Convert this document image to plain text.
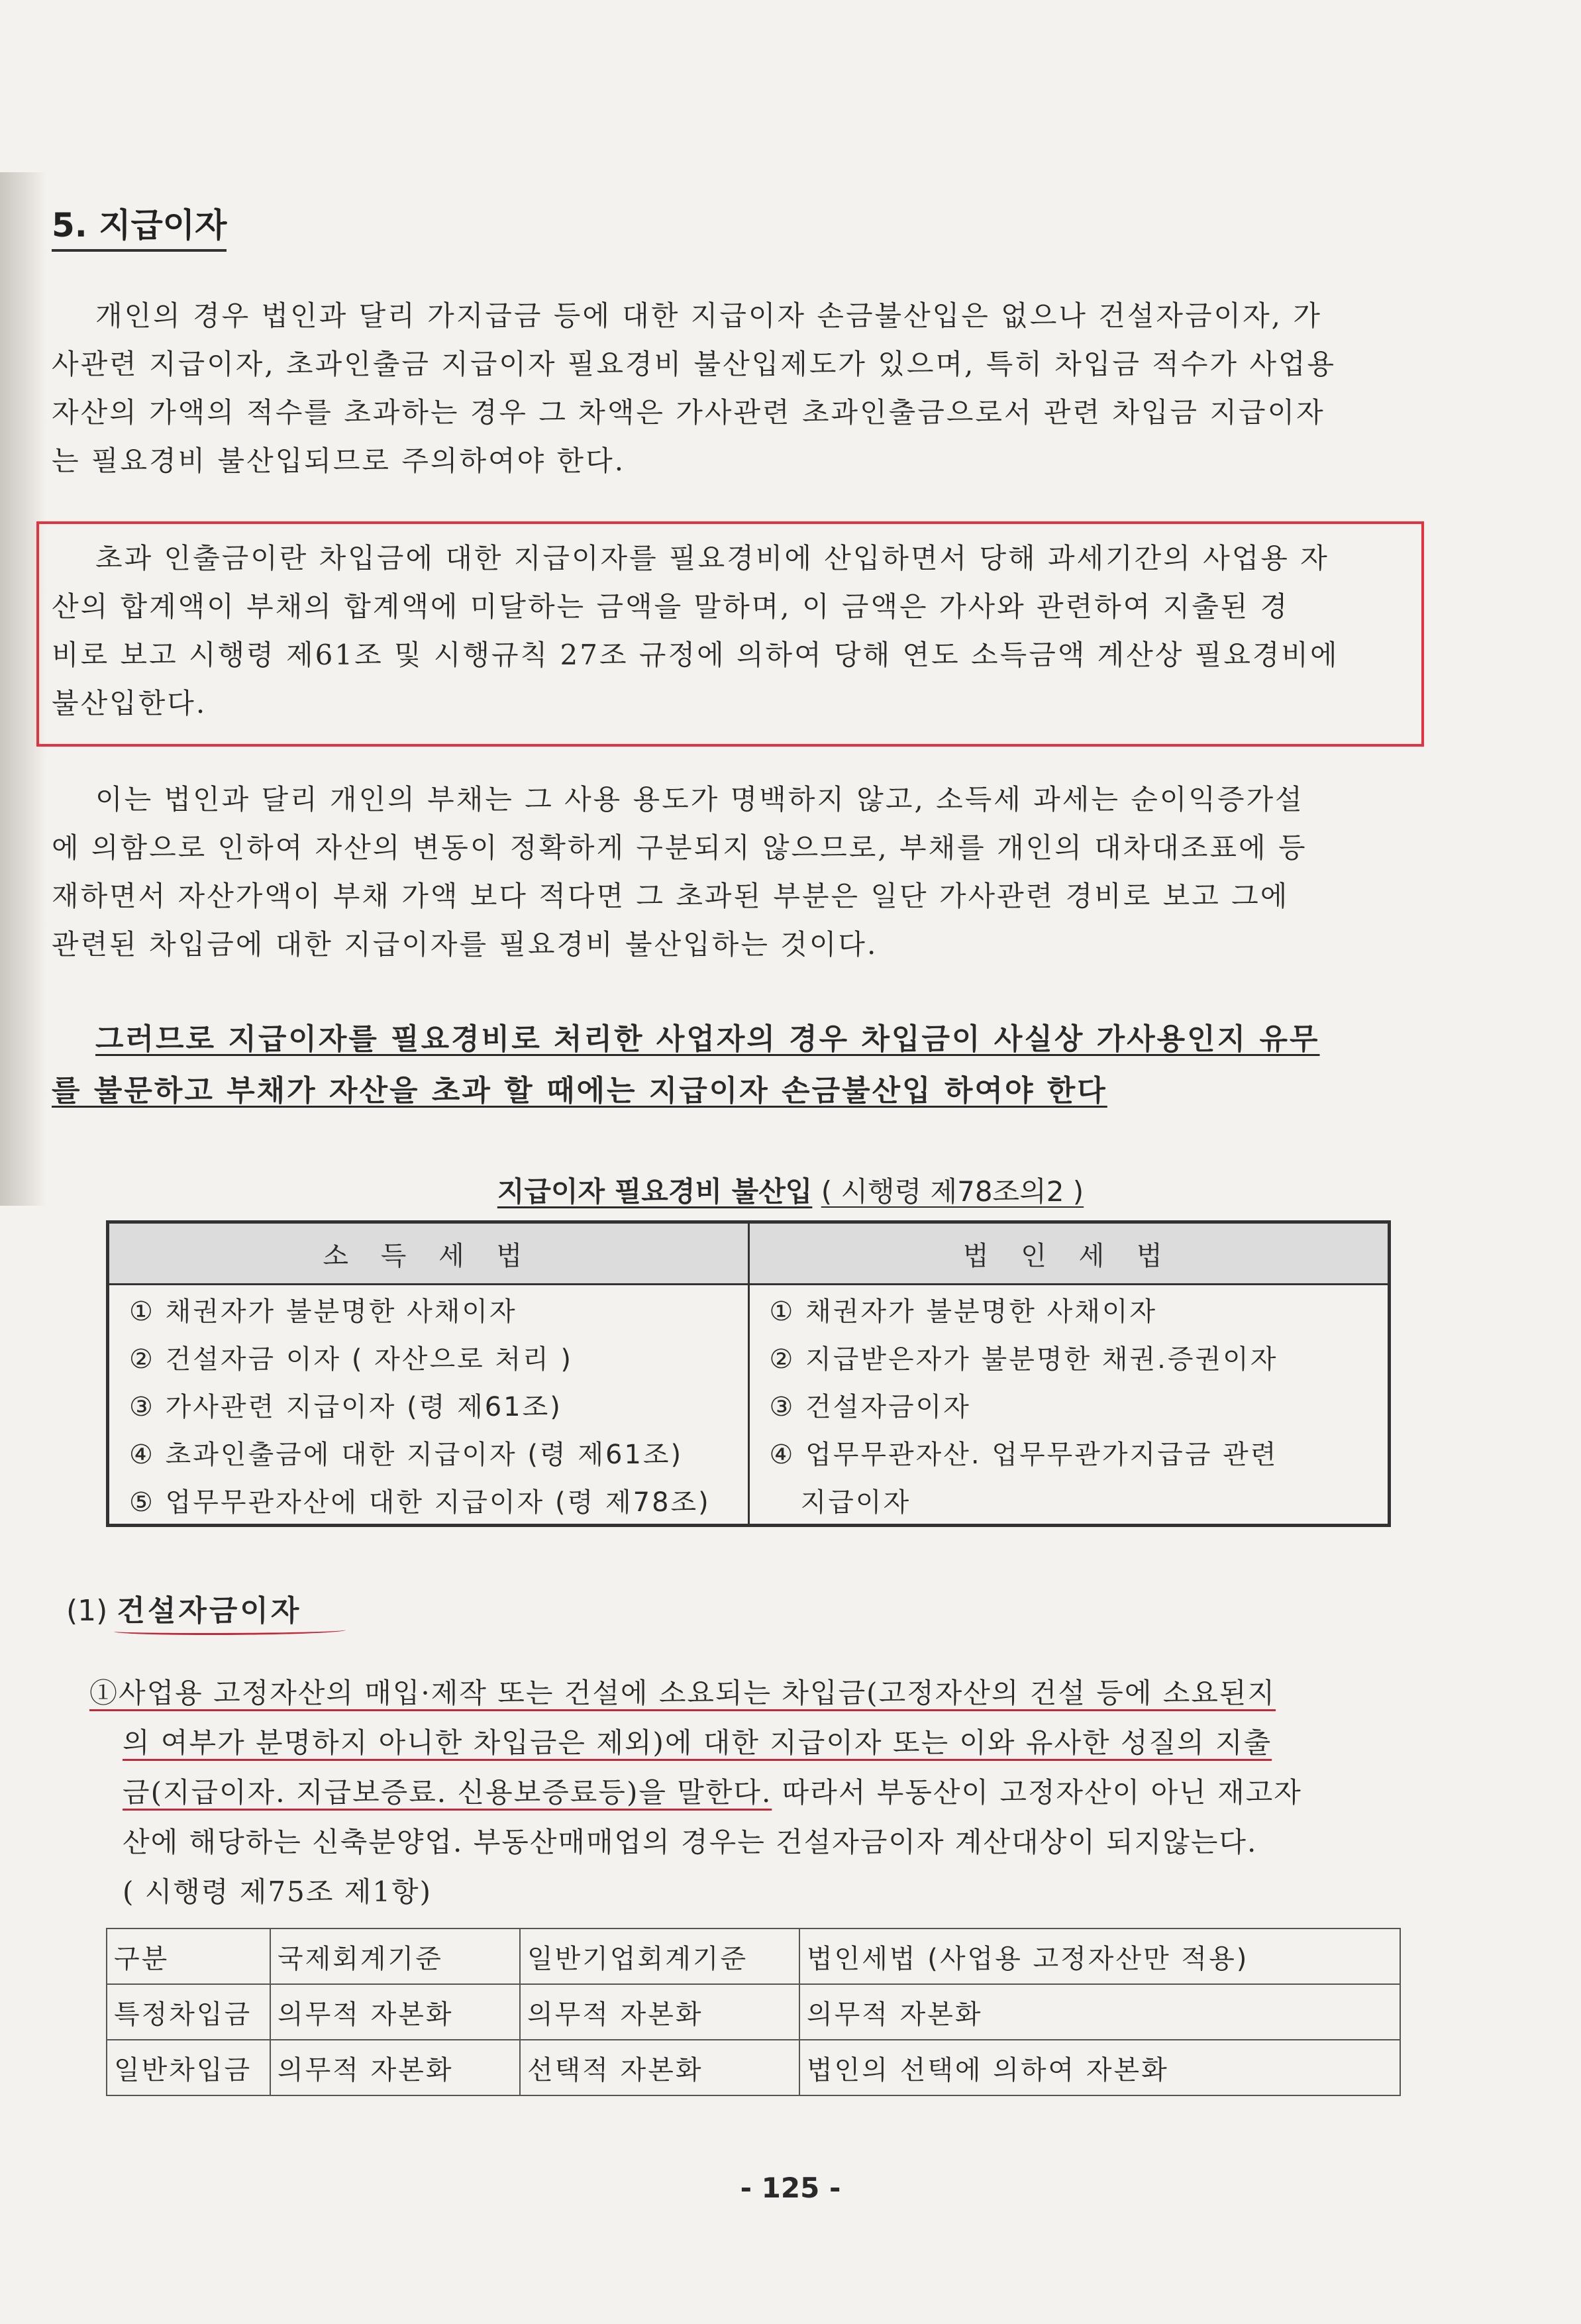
5. 지급이자
개인의 경우 법인과 달리 가지급금 등에 대한 지급이자 손금불산입은 없으나 건설자금이자, 가
사관련 지급이자, 초과인출금 지급이자 필요경비 불산입제도가 있으며, 특히 차입금 적수가 사업용
자산의 가액의 적수를 초과하는 경우 그 차액은 가사관련 초과인출금으로서 관련 차입금 지급이자
는 필요경비 불산입되므로 주의하여야 한다.
초과 인출금이란 차입금에 대한 지급이자를 필요경비에 산입하면서 당해 과세기간의 사업용 자
산의 합계액이 부채의 합계액에 미달하는 금액을 말하며, 이 금액은 가사와 관련하여 지출된 경
비로 보고 시행령 제61조 및 시행규칙 27조 규정에 의하여 당해 연도 소득금액 계산상 필요경비에
불산입한다.
이는 법인과 달리 개인의 부채는 그 사용 용도가 명백하지 않고, 소득세 과세는 순이익증가설
에 의함으로 인하여 자산의 변동이 정확하게 구분되지 않으므로, 부채를 개인의 대차대조표에 등
재하면서 자산가액이 부채 가액 보다 적다면 그 초과된 부분은 일단 가사관련 경비로 보고 그에
관련된 차입금에 대한 지급이자를 필요경비 불산입하는 것이다.
그러므로 지급이자를 필요경비로 처리한 사업자의 경우 차입금이 사실상 가사용인지 유무
를 불문하고 부채가 자산을 초과 할 때에는 지급이자 손금불산입 하여야 한다
지급이자 필요경비 불산입 ( 시행령 제78조의2 )
소 득 세 법	법 인 세 법
① 채권자가 불분명한 사채이자	① 채권자가 불분명한 사채이자
② 건설자금 이자 ( 자산으로 처리 )	② 지급받은자가 불분명한 채권.증권이자
③ 가사관련 지급이자 (령 제61조)	③ 건설자금이자
④ 초과인출금에 대한 지급이자 (령 제61조)	④ 업무무관자산. 업무무관가지급금 관련
⑤ 업무무관자산에 대한 지급이자 (령 제78조)	지급이자
(1) 건설자금이자
①사업용 고정자산의 매입·제작 또는 건설에 소요되는 차입금(고정자산의 건설 등에 소요된지
의 여부가 분명하지 아니한 차입금은 제외)에 대한 지급이자 또는 이와 유사한 성질의 지출
금(지급이자. 지급보증료. 신용보증료등)을 말한다. 따라서 부동산이 고정자산이 아닌 재고자
산에 해당하는 신축분양업. 부동산매매업의 경우는 건설자금이자 계산대상이 되지않는다.
( 시행령 제75조 제1항)
구분	국제회계기준	일반기업회계기준	법인세법 (사업용 고정자산만 적용)
특정차입금	의무적 자본화	의무적 자본화	의무적 자본화
일반차입금	의무적 자본화	선택적 자본화	법인의 선택에 의하여 자본화
- 125 -
